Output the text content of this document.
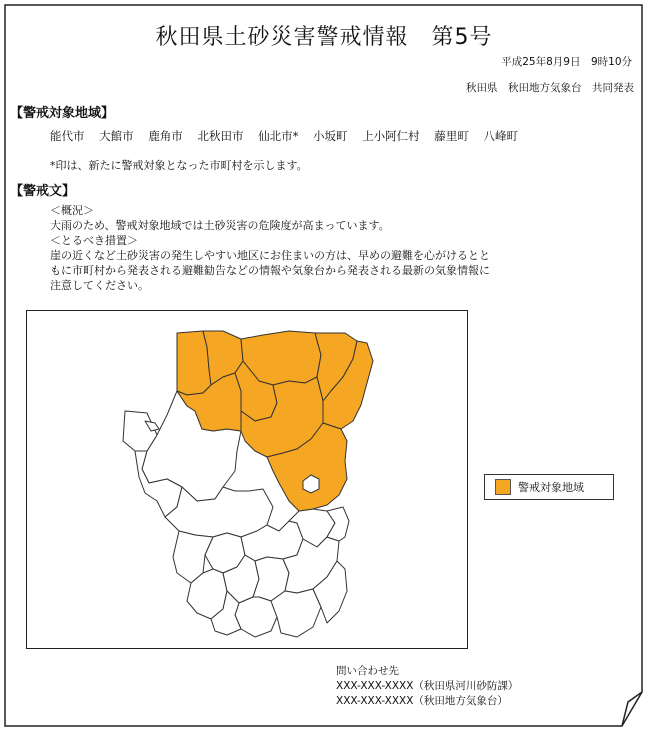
秋田県土砂災害警戒情報　第5号
平成25年8月9日　9時10分
秋田県　秋田地方気象台　共同発表
【警戒対象地域】
能代市 大館市 鹿角市 北秋田市 仙北市* 小坂町 上小阿仁村 藤里町 八峰町
*印は、新たに警戒対象となった市町村を示します。
【警戒文】

＜概況＞

大雨のため、警戒対象地域では土砂災害の危険度が高まっています。

＜とるべき措置＞

崖の近くなど土砂災害の発生しやすい地区にお住まいの方は、早めの避難を心がけるとと

もに市町村から発表される避難勧告などの情報や気象台から発表される最新の気象情報に

注意してください。

警戒対象地域
問い合わせ先
XXX-XXX-XXXX（秋田県河川砂防課）
XXX-XXX-XXXX（秋田地方気象台）
